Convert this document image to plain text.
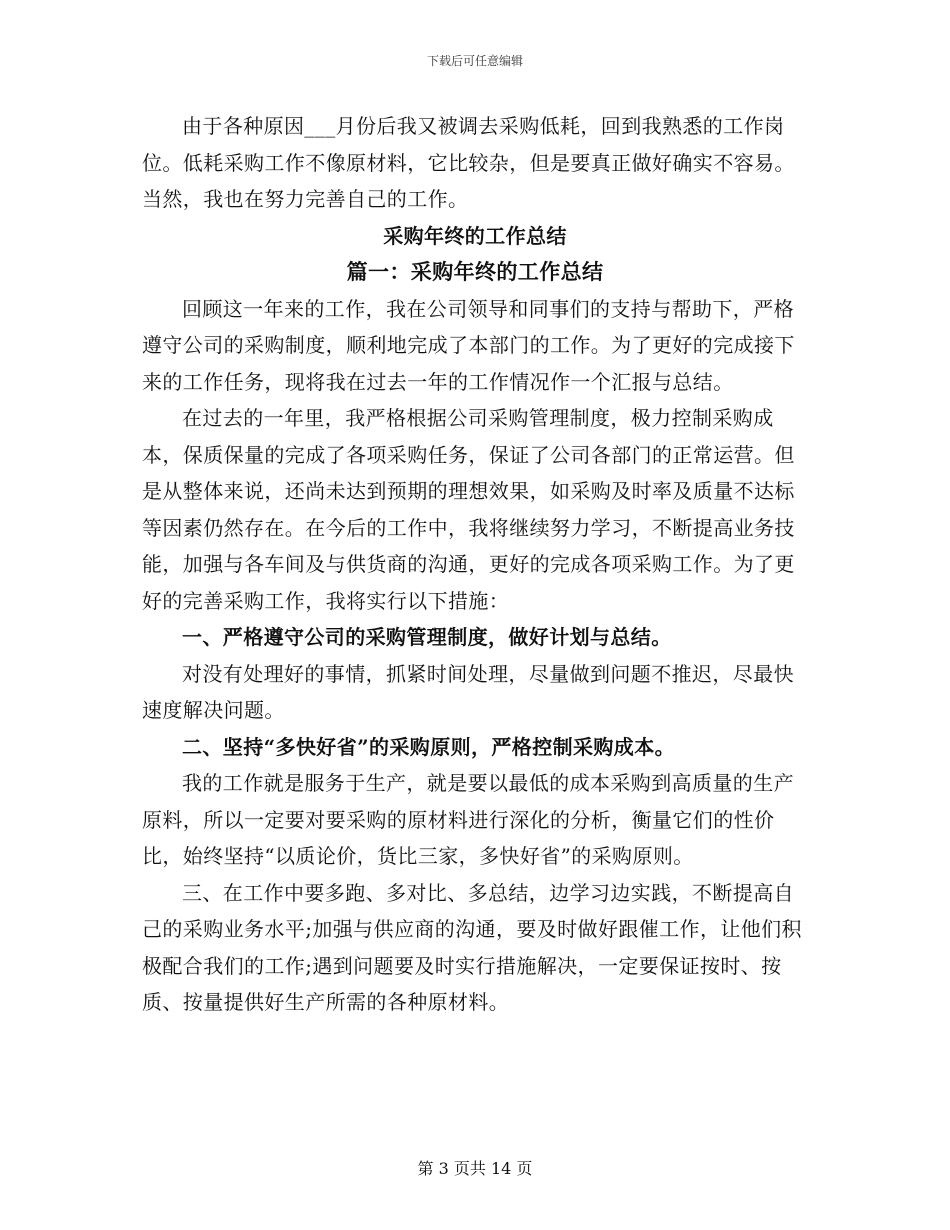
下载后可任意编辑

由于各种原因___月份后我又被调去采购低耗，回到我熟悉的工作岗位。低耗采购工作不像原材料，它比较杂，但是要真正做好确实不容易。当然，我也在努力完善自己的工作。

采购年终的工作总结

篇一：采购年终的工作总结

回顾这一年来的工作，我在公司领导和同事们的支持与帮助下，严格遵守公司的采购制度，顺利地完成了本部门的工作。为了更好的完成接下来的工作任务，现将我在过去一年的工作情况作一个汇报与总结。

在过去的一年里，我严格根据公司采购管理制度，极力控制采购成本，保质保量的完成了各项采购任务，保证了公司各部门的正常运营。但是从整体来说，还尚未达到预期的理想效果，如采购及时率及质量不达标等因素仍然存在。在今后的工作中，我将继续努力学习，不断提高业务技能，加强与各车间及与供货商的沟通，更好的完成各项采购工作。为了更好的完善采购工作，我将实行以下措施：

一、严格遵守公司的采购管理制度，做好计划与总结。

对没有处理好的事情，抓紧时间处理，尽量做到问题不推迟，尽最快速度解决问题。

二、坚持“多快好省”的采购原则，严格控制采购成本。

我的工作就是服务于生产，就是要以最低的成本采购到高质量的生产原料，所以一定要对要采购的原材料进行深化的分析，衡量它们的性价比，始终坚持“以质论价，货比三家，多快好省”的采购原则。

三、在工作中要多跑、多对比、多总结，边学习边实践，不断提高自己的采购业务水平;加强与供应商的沟通，要及时做好跟催工作，让他们积极配合我们的工作;遇到问题要及时实行措施解决，一定要保证按时、按质、按量提供好生产所需的各种原材料。

第 3 页共 14 页
